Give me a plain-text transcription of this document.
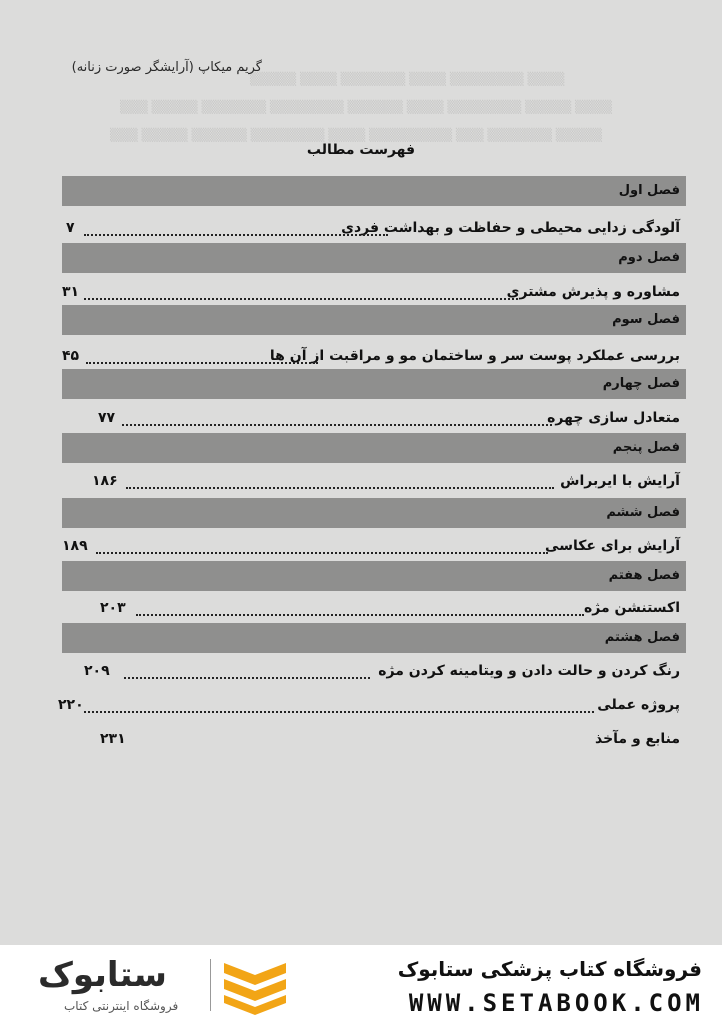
▒▒▒▒ ▒▒▒▒▒▒▒▒ ▒▒▒▒ ▒▒▒▒▒▒▒ ▒▒▒▒ ▒▒▒▒▒
▒▒▒▒ ▒▒▒▒▒ ▒▒▒▒▒▒▒▒ ▒▒▒▒ ▒▒▒▒▒▒ ▒▒▒▒▒▒▒▒ ▒▒▒▒▒▒▒ ▒▒▒▒▒ ▒▒▒
▒▒▒▒▒ ▒▒▒▒▒▒▒ ▒▒▒ ▒▒▒▒▒▒▒▒▒ ▒▒▒▒ ▒▒▒▒▒▒▒▒ ▒▒▒▒▒▒ ▒▒▒▒▒ ▒▒▒
گریم میکاپ (آرایشگر صورت زنانه)
فهرست مطالب
فصل اول
آلودگی زدایی محیطی و حفاظت و بهداشت فردی
۷
فصل دوم
مشاوره و پذیرش مشتری
۳۱
فصل سوم
بررسی عملکرد پوست سر و ساختمان مو و مراقبت از آن ها
۴۵
فصل چهارم
متعادل سازی چهره
۷۷
فصل پنجم
آرایش با ایربراش
۱۸۶
فصل ششم
آرایش برای عکاسی
۱۸۹
فصل هفتم
اکستنشن مژه
۲۰۳
فصل هشتم
رنگ کردن و حالت دادن و ویتامینه کردن مژه
۲۰۹
پروژه عملی
۲۲۰
منابع و مآخذ
۲۳۱
ستابوک
فروشگاه اینترنتی کتاب
فروشگاه کتاب پزشکی ستابوک
WWW.SETABOOK.COM
